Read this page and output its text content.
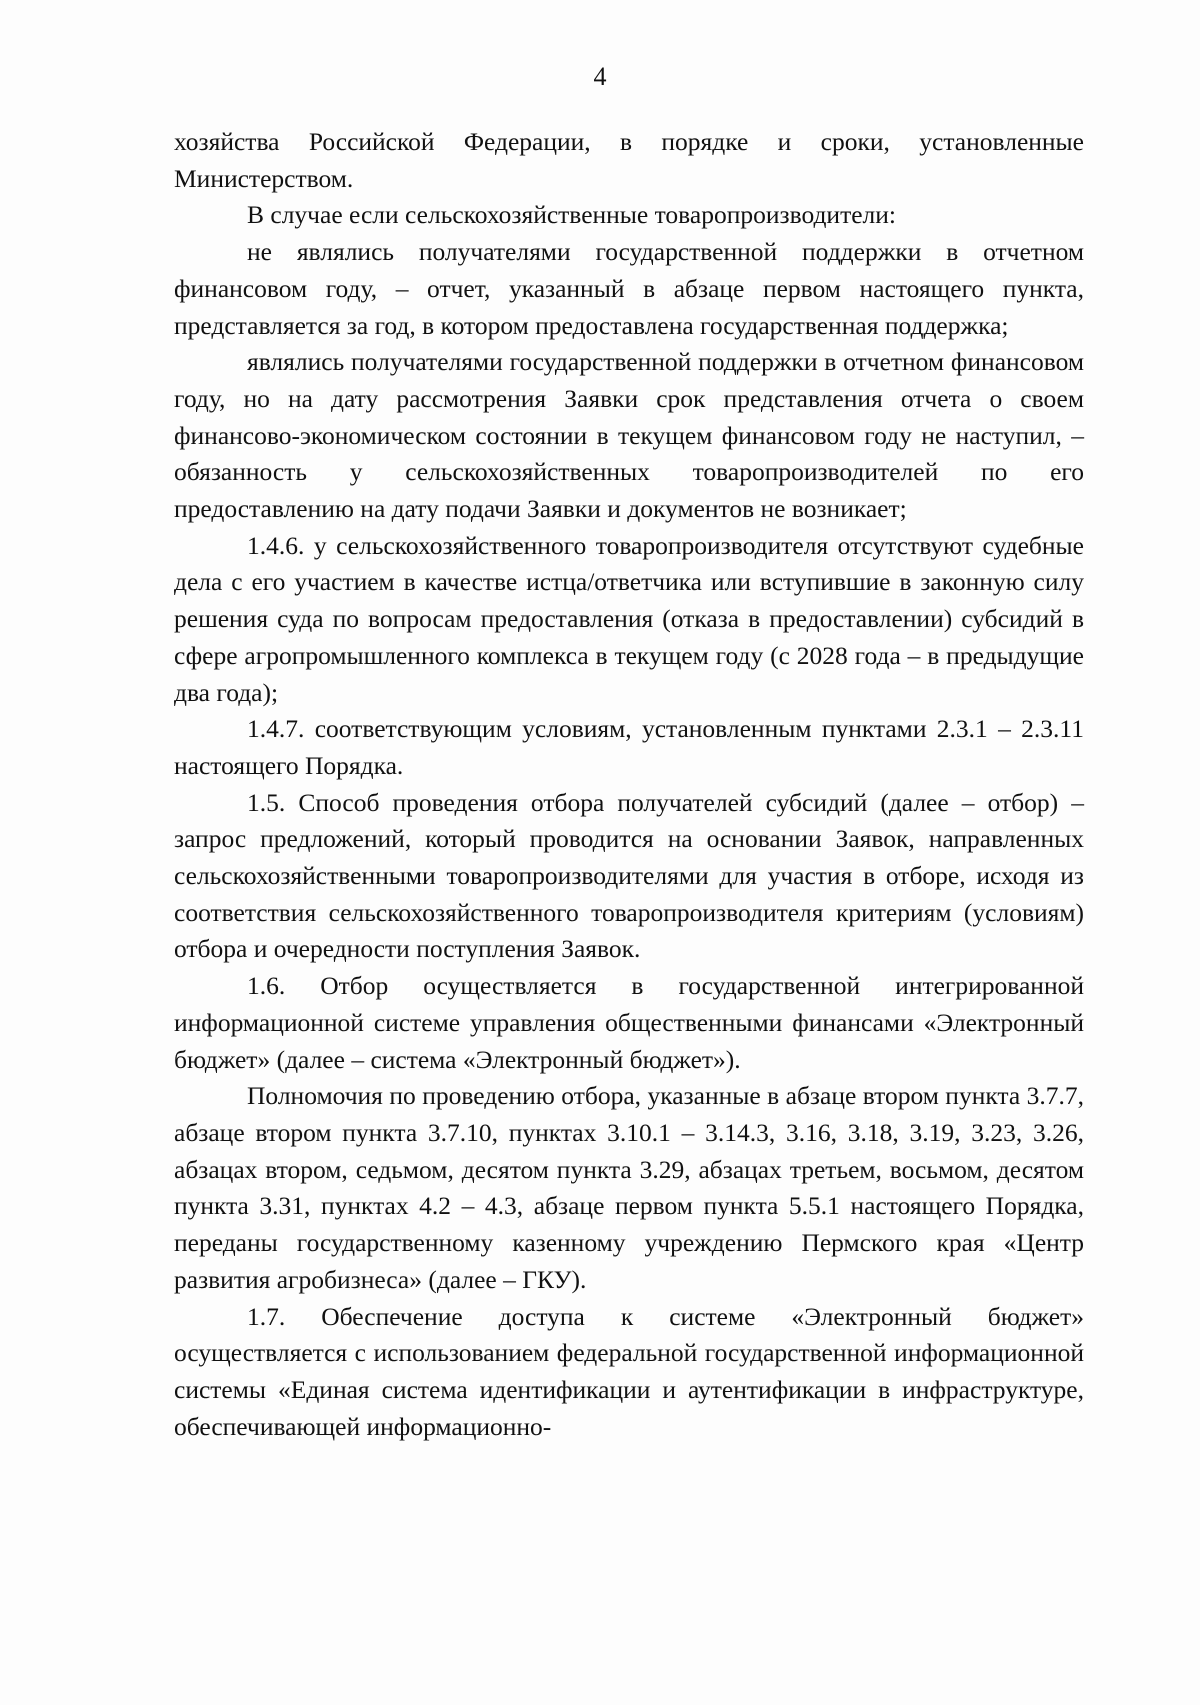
4

хозяйства Российской Федерации, в порядке и сроки, установленные Министерством.

В случае если сельскохозяйственные товаропроизводители:

не являлись получателями государственной поддержки в отчетном финансовом году, – отчет, указанный в абзаце первом настоящего пункта, представляется за год, в котором предоставлена государственная поддержка;

являлись получателями государственной поддержки в отчетном финансовом году, но на дату рассмотрения Заявки срок представления отчета о своем финансово-экономическом состоянии в текущем финансовом году не наступил, – обязанность у сельскохозяйственных товаропроизводителей по его предоставлению на дату подачи Заявки и документов не возникает;

1.4.6. у сельскохозяйственного товаропроизводителя отсутствуют судебные дела с его участием в качестве истца/ответчика или вступившие в законную силу решения суда по вопросам предоставления (отказа в предоставлении) субсидий в сфере агропромышленного комплекса в текущем году (с 2028 года – в предыдущие два года);

1.4.7. соответствующим условиям, установленным пунктами 2.3.1 – 2.3.11 настоящего Порядка.

1.5. Способ проведения отбора получателей субсидий (далее – отбор) – запрос предложений, который проводится на основании Заявок, направленных сельскохозяйственными товаропроизводителями для участия в отборе, исходя из соответствия сельскохозяйственного товаропроизводителя критериям (условиям) отбора и очередности поступления Заявок.

1.6. Отбор осуществляется в государственной интегрированной информационной системе управления общественными финансами «Электронный бюджет» (далее – система «Электронный бюджет»).

Полномочия по проведению отбора, указанные в абзаце втором пункта 3.7.7, абзаце втором пункта 3.7.10, пунктах 3.10.1 – 3.14.3, 3.16, 3.18, 3.19, 3.23, 3.26, абзацах втором, седьмом, десятом пункта 3.29, абзацах третьем, восьмом, десятом пункта 3.31, пунктах 4.2 – 4.3, абзаце первом пункта 5.5.1 настоящего Порядка, переданы государственному казенному учреждению Пермского края «Центр развития агробизнеса» (далее – ГКУ).

1.7. Обеспечение доступа к системе «Электронный бюджет» осуществляется с использованием федеральной государственной информационной системы «Единая система идентификации и аутентификации в инфраструктуре, обеспечивающей информационно-
